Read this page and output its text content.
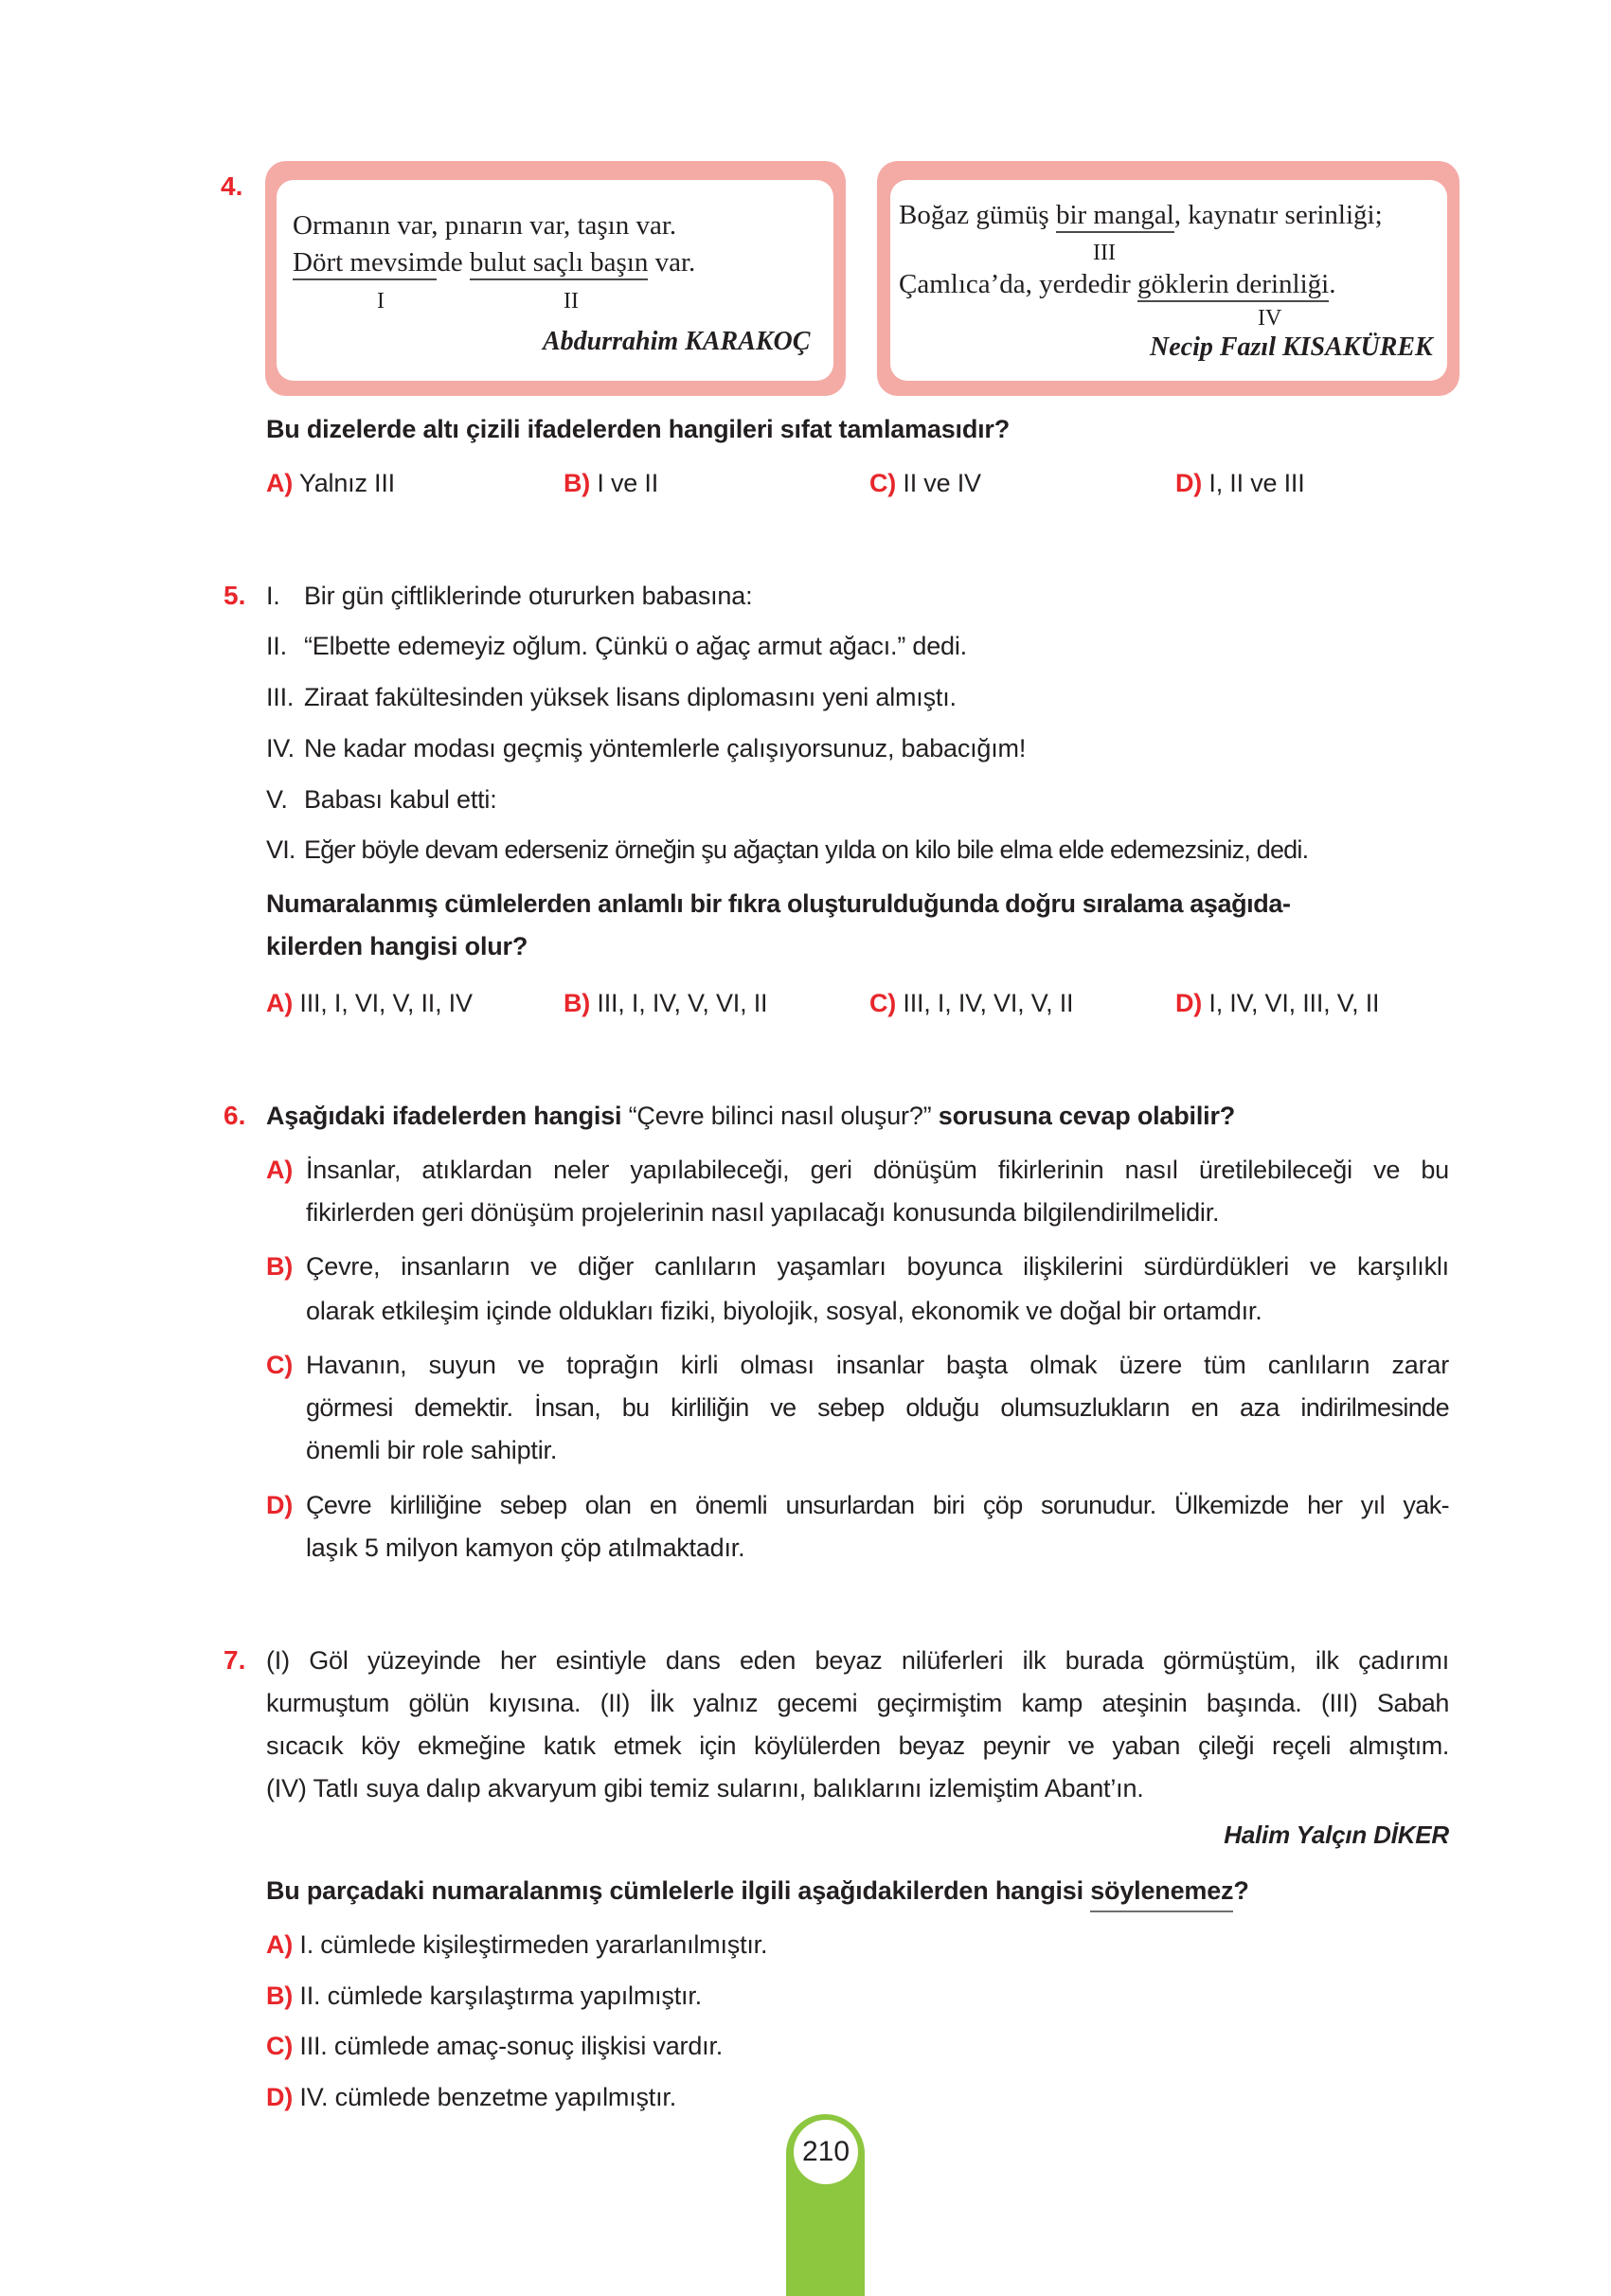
4.
Ormanın var, pınarın var, taşın var.
Dört mevsimde bulut saçlı başın var.
I	II
Abdurrahim KARAKOÇ
Boğaz gümüş bir mangal, kaynatır serinliği;
III
Çamlıca’da, yerdedir göklerin derinliği.
IV
Necip Fazıl KISAKÜREK
Bu dizelerde altı çizili ifadelerden hangileri sıfat tamlamasıdır?
A) Yalnız III	B) I ve II	C) II ve IV	D) I, II ve III
5. I. Bir gün çiftliklerinde otururken babasına:
II. “Elbette edemeyiz oğlum. Çünkü o ağaç armut ağacı.” dedi.
III. Ziraat fakültesinden yüksek lisans diplomasını yeni almıştı.
IV. Ne kadar modası geçmiş yöntemlerle çalışıyorsunuz, babacığım!
V. Babası kabul etti:
VI. Eğer böyle devam ederseniz örneğin şu ağaçtan yılda on kilo bile elma elde edemezsiniz, dedi.
Numaralanmış cümlelerden anlamlı bir fıkra oluşturulduğunda doğru sıralama aşağıda-
kilerden hangisi olur?
A) III, I, VI, V, II, IV	B) III, I, IV, V, VI, II	C) III, I, IV, VI, V, II	D) I, IV, VI, III, V, II
6. Aşağıdaki ifadelerden hangisi “Çevre bilinci nasıl oluşur?” sorusuna cevap olabilir?
A) İnsanlar, atıklardan neler yapılabileceği, geri dönüşüm fikirlerinin nasıl üretilebileceği ve bu
fikirlerden geri dönüşüm projelerinin nasıl yapılacağı konusunda bilgilendirilmelidir.
B) Çevre, insanların ve diğer canlıların yaşamları boyunca ilişkilerini sürdürdükleri ve karşılıklı
olarak etkileşim içinde oldukları fiziki, biyolojik, sosyal, ekonomik ve doğal bir ortamdır.
C) Havanın, suyun ve toprağın kirli olması insanlar başta olmak üzere tüm canlıların zarar
görmesi demektir. İnsan, bu kirliliğin ve sebep olduğu olumsuzlukların en aza indirilmesinde
önemli bir role sahiptir.
D) Çevre kirliliğine sebep olan en önemli unsurlardan biri çöp sorunudur. Ülkemizde her yıl yak-
laşık 5 milyon kamyon çöp atılmaktadır.
7. (I) Göl yüzeyinde her esintiyle dans eden beyaz nilüferleri ilk burada görmüştüm, ilk çadırımı
kurmuştum gölün kıyısına. (II) İlk yalnız gecemi geçirmiştim kamp ateşinin başında. (III) Sabah
sıcacık köy ekmeğine katık etmek için köylülerden beyaz peynir ve yaban çileği reçeli almıştım.
(IV) Tatlı suya dalıp akvaryum gibi temiz sularını, balıklarını izlemiştim Abant’ın.
Halim Yalçın DİKER
Bu parçadaki numaralanmış cümlelerle ilgili aşağıdakilerden hangisi söylenemez?
A) I. cümlede kişileştirmeden yararlanılmıştır.
B) II. cümlede karşılaştırma yapılmıştır.
C) III. cümlede amaç-sonuç ilişkisi vardır.
D) IV. cümlede benzetme yapılmıştır.
210
